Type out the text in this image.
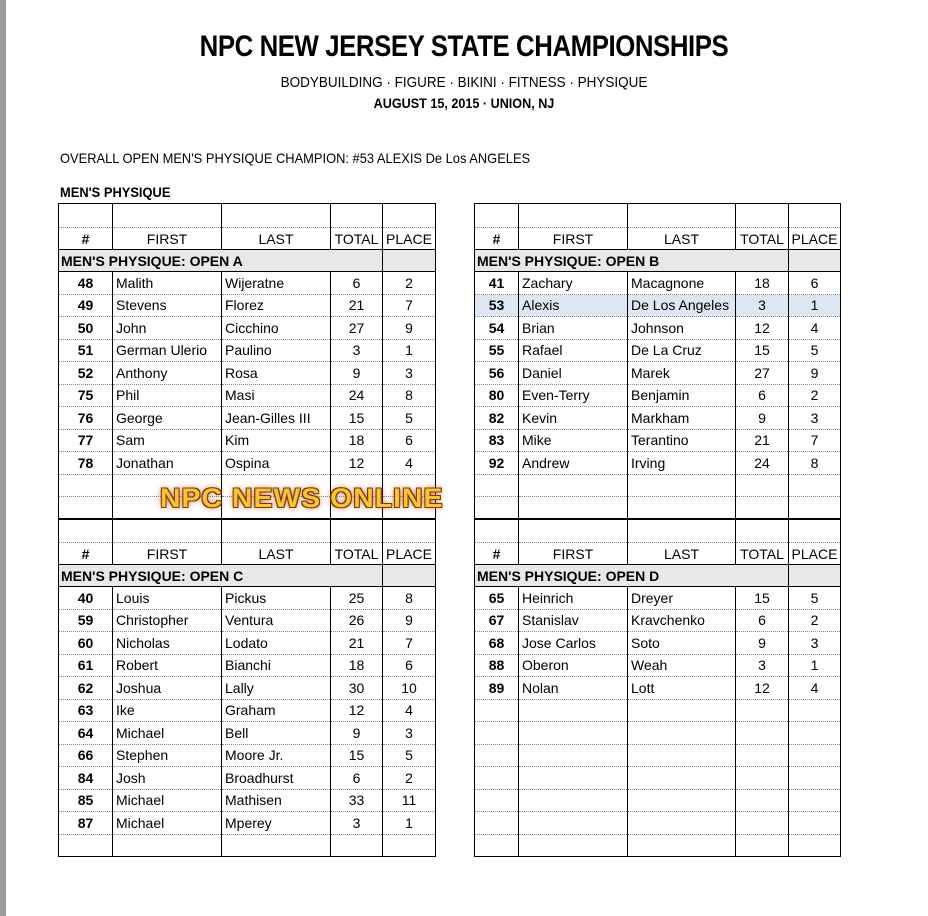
NPC NEW JERSEY STATE CHAMPIONSHIPS
BODYBUILDING · FIGURE · BIKINI · FITNESS · PHYSIQUE
AUGUST 15, 2015 · UNION, NJ
OVERALL OPEN MEN'S PHYSIQUE CHAMPION: #53 ALEXIS De Los ANGELES
MEN'S PHYSIQUE

#	FIRST	LAST	TOTAL	PLACE
MEN'S PHYSIQUE: OPEN A				
48	Malith	Wijeratne	6	2
49	Stevens	Florez	21	7
50	John	Cicchino	27	9
51	German Ulerio	Paulino	3	1
52	Anthony	Rosa	9	3
75	Phil	Masi	24	8
76	George	Jean-Gilles III	15	5
77	Sam	Kim	18	6
78	Jonathan	Ospina	12	4

#	FIRST	LAST	TOTAL	PLACE
MEN'S PHYSIQUE: OPEN B				
41	Zachary	Macagnone	18	6
53	Alexis	De Los Angeles	3	1
54	Brian	Johnson	12	4
55	Rafael	De La Cruz	15	5
56	Daniel	Marek	27	9
80	Even-Terry	Benjamin	6	2
82	Kevin	Markham	9	3
83	Mike	Terantino	21	7
92	Andrew	Irving	24	8

#	FIRST	LAST	TOTAL	PLACE
MEN'S PHYSIQUE: OPEN C				
40	Louis	Pickus	25	8
59	Christopher	Ventura	26	9
60	Nicholas	Lodato	21	7
61	Robert	Bianchi	18	6
62	Joshua	Lally	30	10
63	Ike	Graham	12	4
64	Michael	Bell	9	3
66	Stephen	Moore Jr.	15	5
84	Josh	Broadhurst	6	2
85	Michael	Mathisen	33	11
87	Michael	Mperey	3	1

#	FIRST	LAST	TOTAL	PLACE
MEN'S PHYSIQUE: OPEN D				
65	Heinrich	Dreyer	15	5
67	Stanislav	Kravchenko	6	2
68	Jose Carlos	Soto	9	3
88	Oberon	Weah	3	1
89	Nolan	Lott	12	4

NPC NEWS ONLINE
